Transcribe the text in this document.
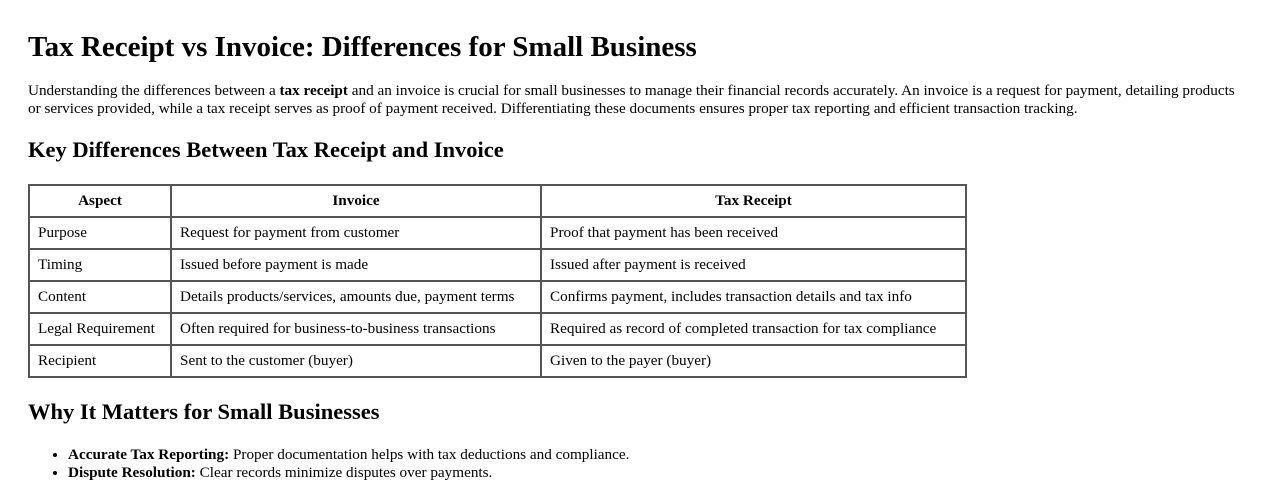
Tax Receipt vs Invoice: Differences for Small Business

Understanding the differences between a tax receipt and an invoice is crucial for small businesses to manage their financial records accurately. An invoice is a request for payment, detailing products or services provided, while a tax receipt serves as proof of payment received. Differentiating these documents ensures proper tax reporting and efficient transaction tracking.

Key Differences Between Tax Receipt and Invoice
Aspect	Invoice	Tax Receipt
Purpose	Request for payment from customer	Proof that payment has been received
Timing	Issued before payment is made	Issued after payment is received
Content	Details products/services, amounts due, payment terms	Confirms payment, includes transaction details and tax info
Legal Requirement	Often required for business-to-business transactions	Required as record of completed transaction for tax compliance
Recipient	Sent to the customer (buyer)	Given to the payer (buyer)
Why It Matters for Small Businesses
• Accurate Tax Reporting: Proper documentation helps with tax deductions and compliance.
• Dispute Resolution: Clear records minimize disputes over payments.
